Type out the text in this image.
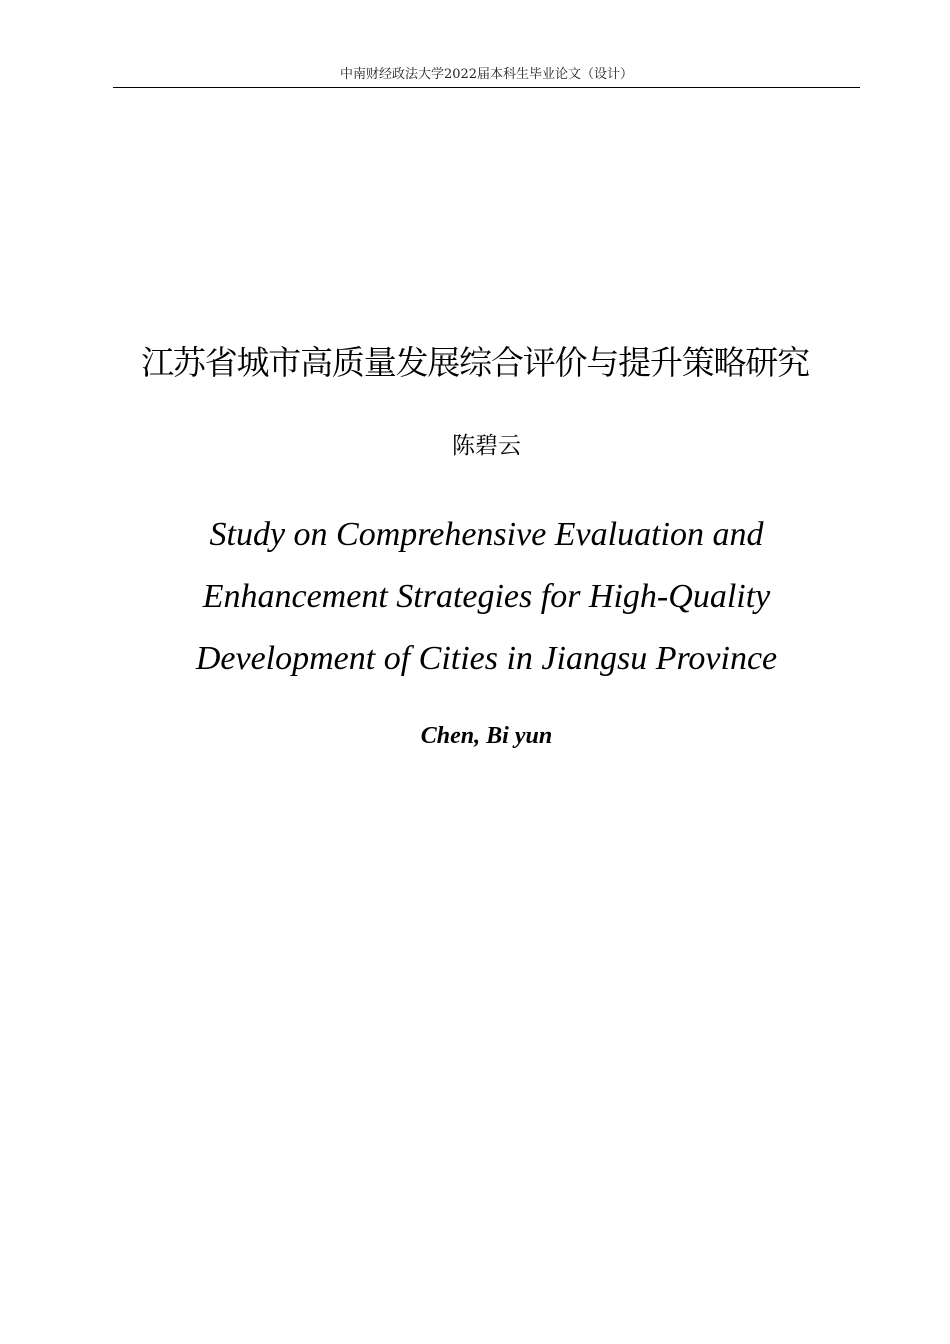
中南财经政法大学2022届本科生毕业论文（设计）
江苏省城市高质量发展综合评价与提升策略研究
陈碧云
Study on Comprehensive Evaluation and
Enhancement Strategies for High-Quality
Development of Cities in Jiangsu Province
Chen, Bi yun
